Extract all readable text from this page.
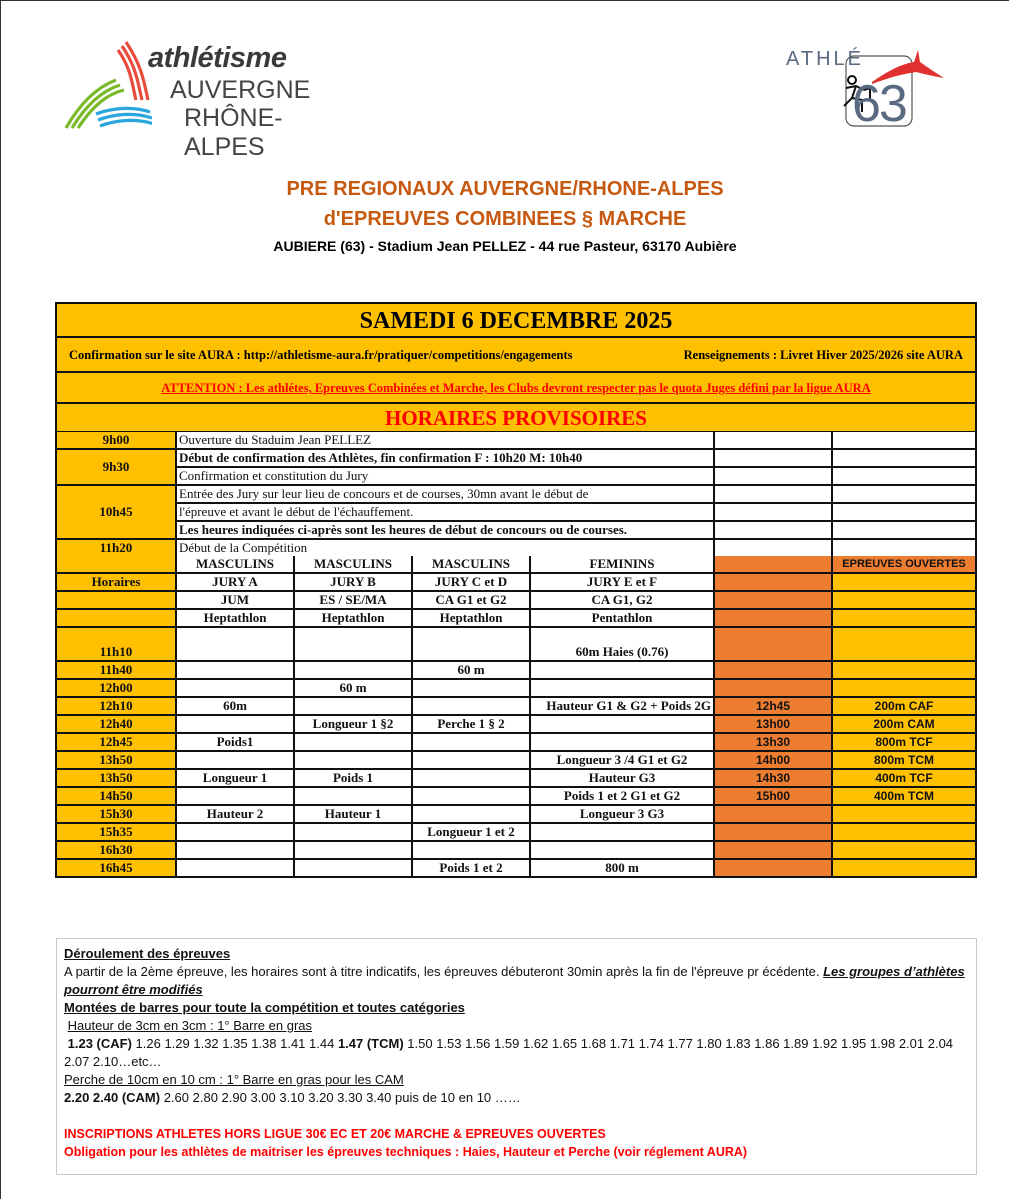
athlétisme
AUVERGNE
RHÔNE-ALPES
ATHLÉ
63
PRE REGIONAUX AUVERGNE/RHONE-ALPES
d'EPREUVES COMBINEES § MARCHE
AUBIERE (63) - Stadium Jean PELLEZ - 44 rue Pasteur, 63170 Aubière
SAMEDI 6 DECEMBRE 2025
Confirmation sur le site AURA : http://athletisme-aura.fr/pratiquer/competitions/engagements	Renseignements : Livret Hiver 2025/2026 site AURA
ATTENTION : Les athlétes, Epreuves Combinées et Marche, les Clubs devront respecter pas le quota Juges défini par la ligue AURA
HORAIRES PROVISOIRES
9h00	Ouverture du Staduim Jean PELLEZ					
9h30	Début de confirmation des Athlètes, fin confirmation F : 10h20 M: 10h40					
	Confirmation et constitution du Jury					
10h45	Entrée des Jury sur leur lieu de concours et de courses, 30mn avant le début de					
	l'épreuve et avant le début de l'échauffement.					
	Les heures indiquées ci-après sont les heures de début de concours ou de courses.					
11h20	Début de la Compétition					
	MASCULINS	MASCULINS	MASCULINS	FEMININS		EPREUVES OUVERTES
Horaires	JURY A	JURY B	JURY C et D	JURY E et F		
	JUM	ES / SE/MA	CA G1 et G2	CA G1, G2		
	Heptathlon	Heptathlon	Heptathlon	Pentathlon		

11h10				60m Haies (0.76)		
11h40			60 m			
12h00		60 m				
12h10	60m			Hauteur G1 & G2 + Poids 2G	12h45	200m CAF
12h40		Longueur 1 §2	Perche 1 § 2		13h00	200m CAM
12h45	Poids1				13h30	800m TCF
13h50				Longueur 3 /4 G1 et G2	14h00	800m TCM
13h50	Longueur 1	Poids 1		Hauteur G3	14h30	400m TCF
14h50				Poids 1 et 2 G1 et G2	15h00	400m TCM
15h30	Hauteur 2	Hauteur 1		Longueur 3 G3		
15h35			Longueur 1 et 2			
16h30						
16h45			Poids 1 et 2	800 m		

Déroulement des épreuves

A partir de la 2ème épreuve, les horaires sont à titre indicatifs, les épreuves débuteront 30min après la fin de l'épreuve pr écédente. Les groupes d’athlètes pourront être modifiés

Montées de barres pour toute la compétition et toutes catégories

Hauteur de 3cm en 3cm : 1° Barre en gras

1.23 (CAF) 1.26 1.29 1.32 1.35 1.38 1.41 1.44 1.47 (TCM) 1.50 1.53 1.56 1.59 1.62 1.65 1.68 1.71 1.74 1.77 1.80 1.83 1.86 1.89 1.92 1.95 1.98 2.01 2.04 2.07 2.10…etc…

Perche de 10cm en 10 cm : 1° Barre en gras pour les CAM

2.20 2.40 (CAM) 2.60 2.80 2.90 3.00 3.10 3.20 3.30 3.40 puis de 10 en 10 ……

INSCRIPTIONS ATHLETES HORS LIGUE 30€ EC ET 20€ MARCHE & EPREUVES OUVERTES

Obligation pour les athlètes de maitriser les épreuves techniques : Haies, Hauteur et Perche (voir réglement AURA)
